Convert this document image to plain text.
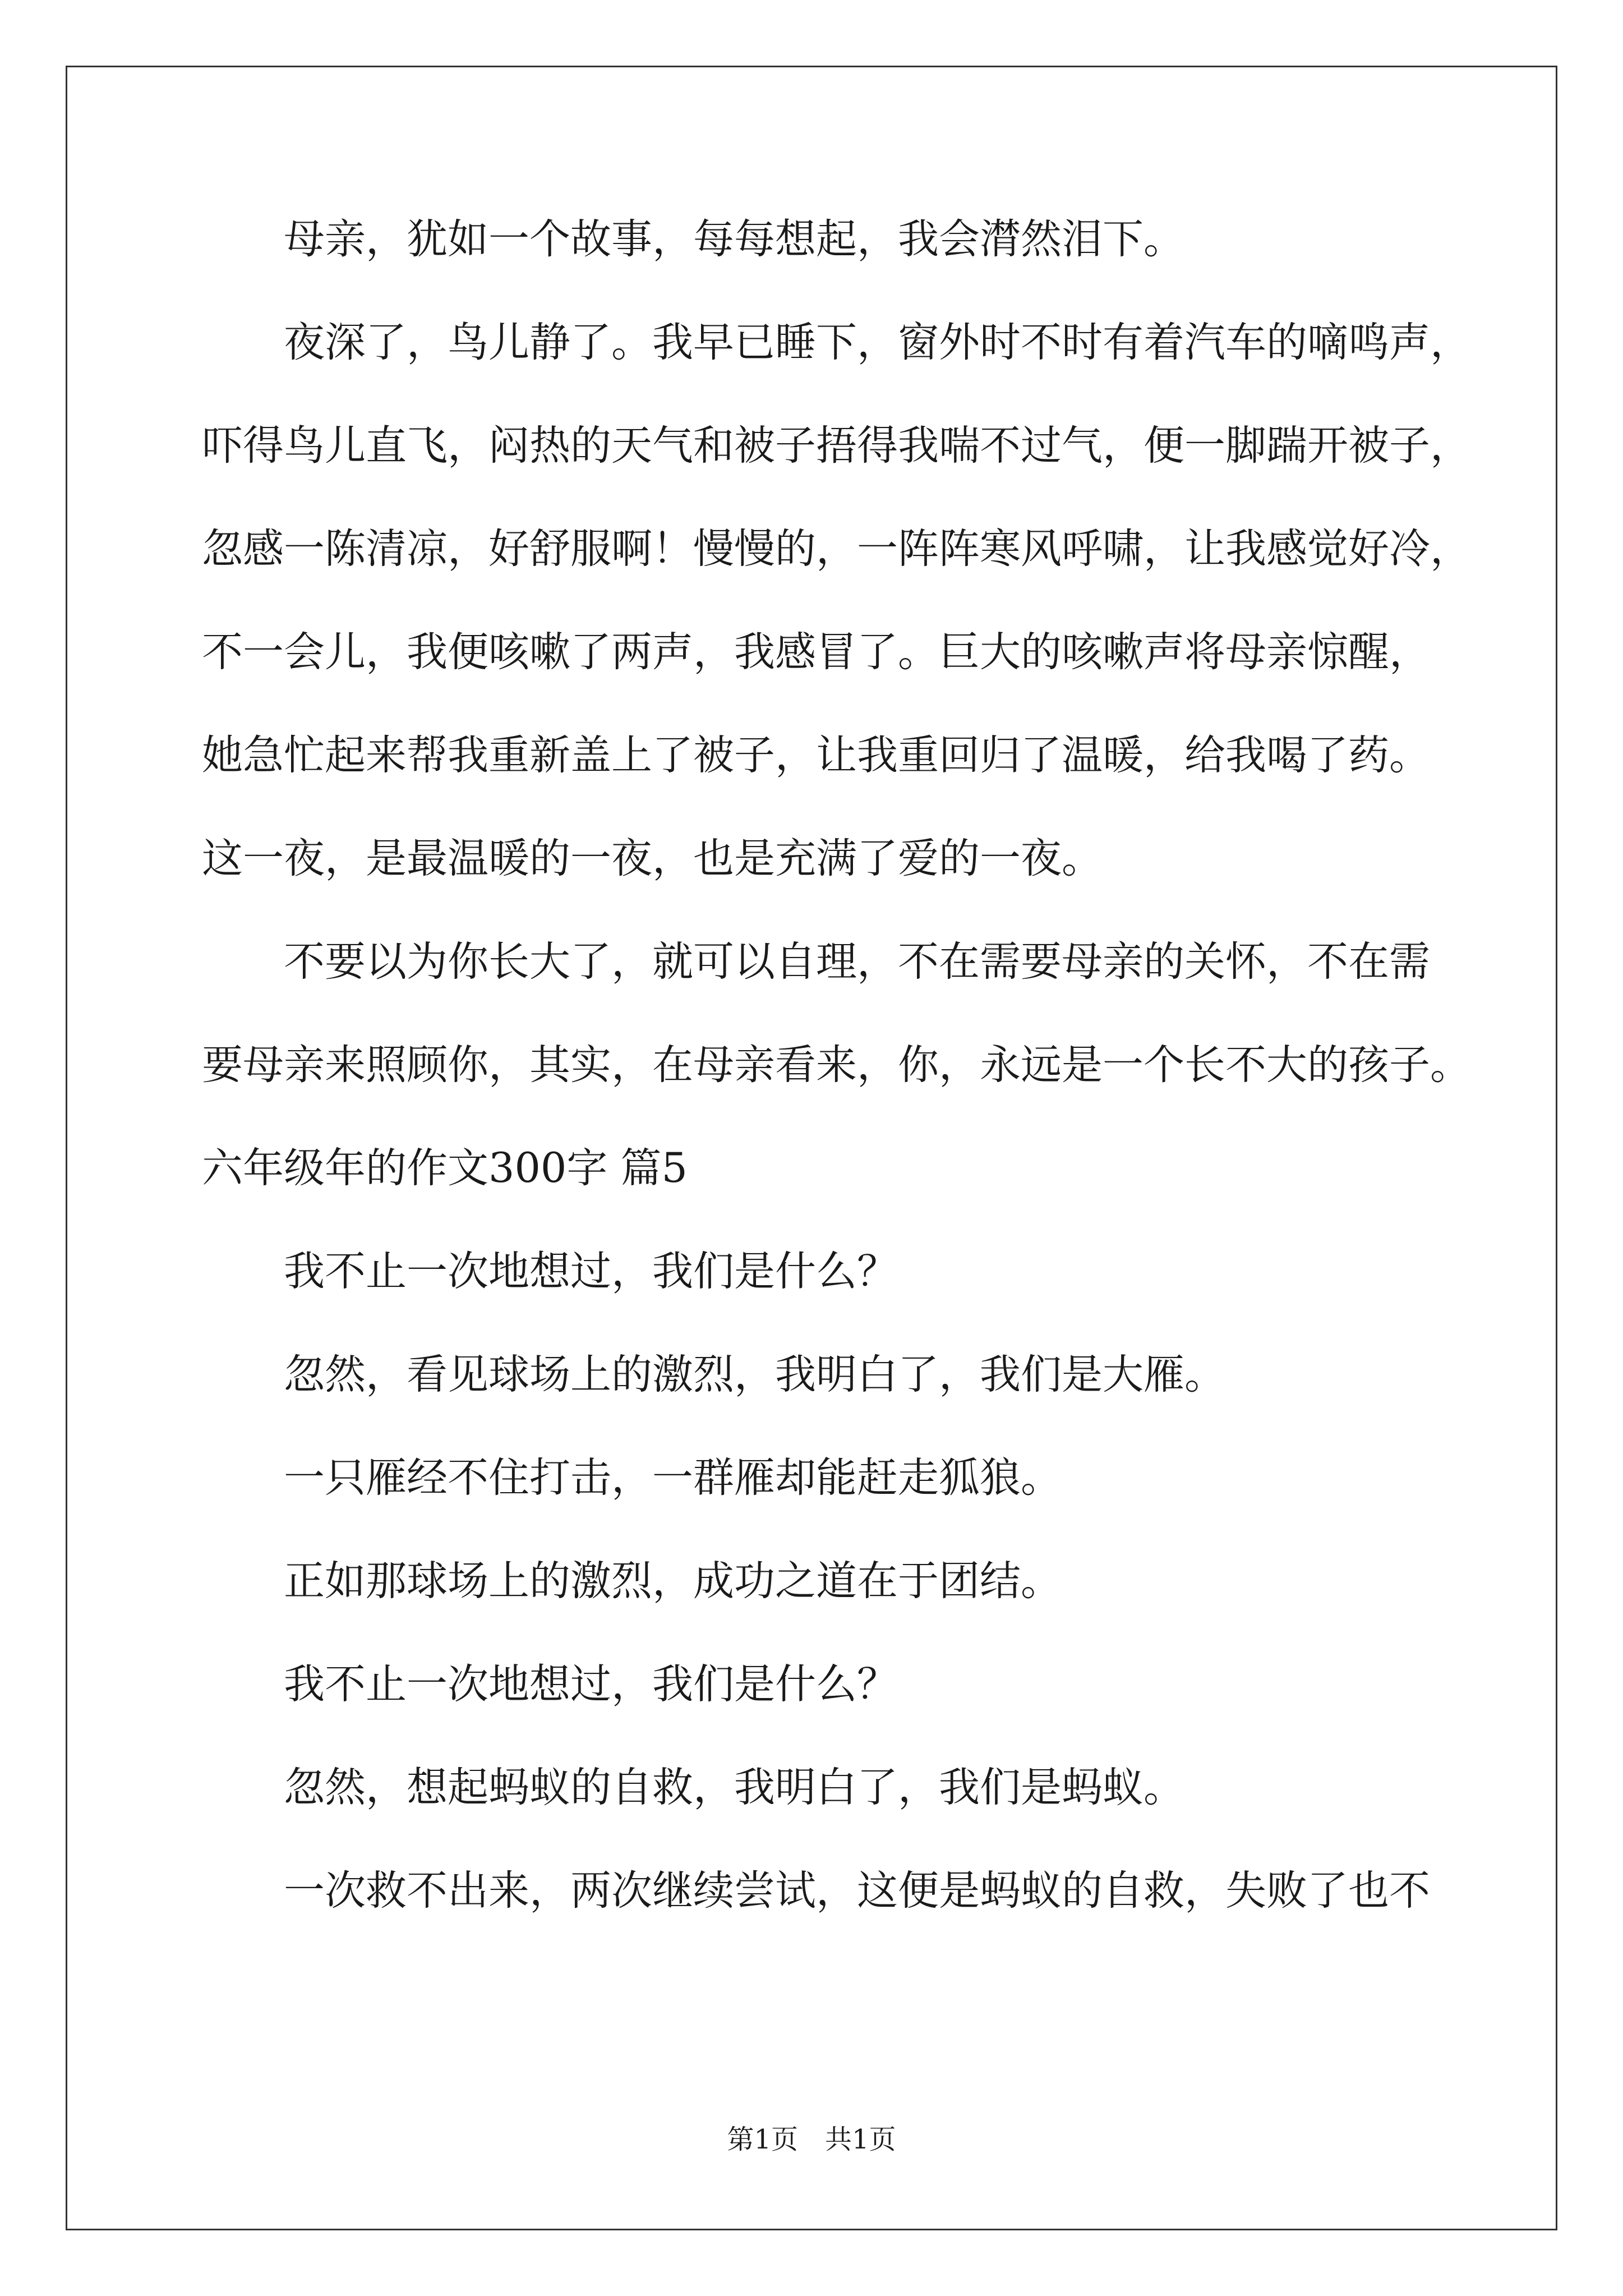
母亲，犹如一个故事，每每想起，我会潸然泪下。
夜深了，鸟儿静了。我早已睡下，窗外时不时有着汽车的嘀鸣声，
吓得鸟儿直飞，闷热的天气和被子捂得我喘不过气，便一脚踹开被子，
忽感一陈清凉，好舒服啊！慢慢的，一阵阵寒风呼啸，让我感觉好冷，
不一会儿，我便咳嗽了两声，我感冒了。巨大的咳嗽声将母亲惊醒，
她急忙起来帮我重新盖上了被子，让我重回归了温暖，给我喝了药。
这一夜，是最温暖的一夜，也是充满了爱的一夜。
不要以为你长大了，就可以自理，不在需要母亲的关怀，不在需
要母亲来照顾你，其实，在母亲看来，你，永远是一个长不大的孩子。
六年级年的作文300字 篇5
我不止一次地想过，我们是什么？
忽然，看见球场上的激烈，我明白了，我们是大雁。
一只雁经不住打击，一群雁却能赶走狐狼。
正如那球场上的激烈，成功之道在于团结。
我不止一次地想过，我们是什么？
忽然，想起蚂蚁的自救，我明白了，我们是蚂蚁。
一次救不出来，两次继续尝试，这便是蚂蚁的自救，失败了也不
第1页　共1页
